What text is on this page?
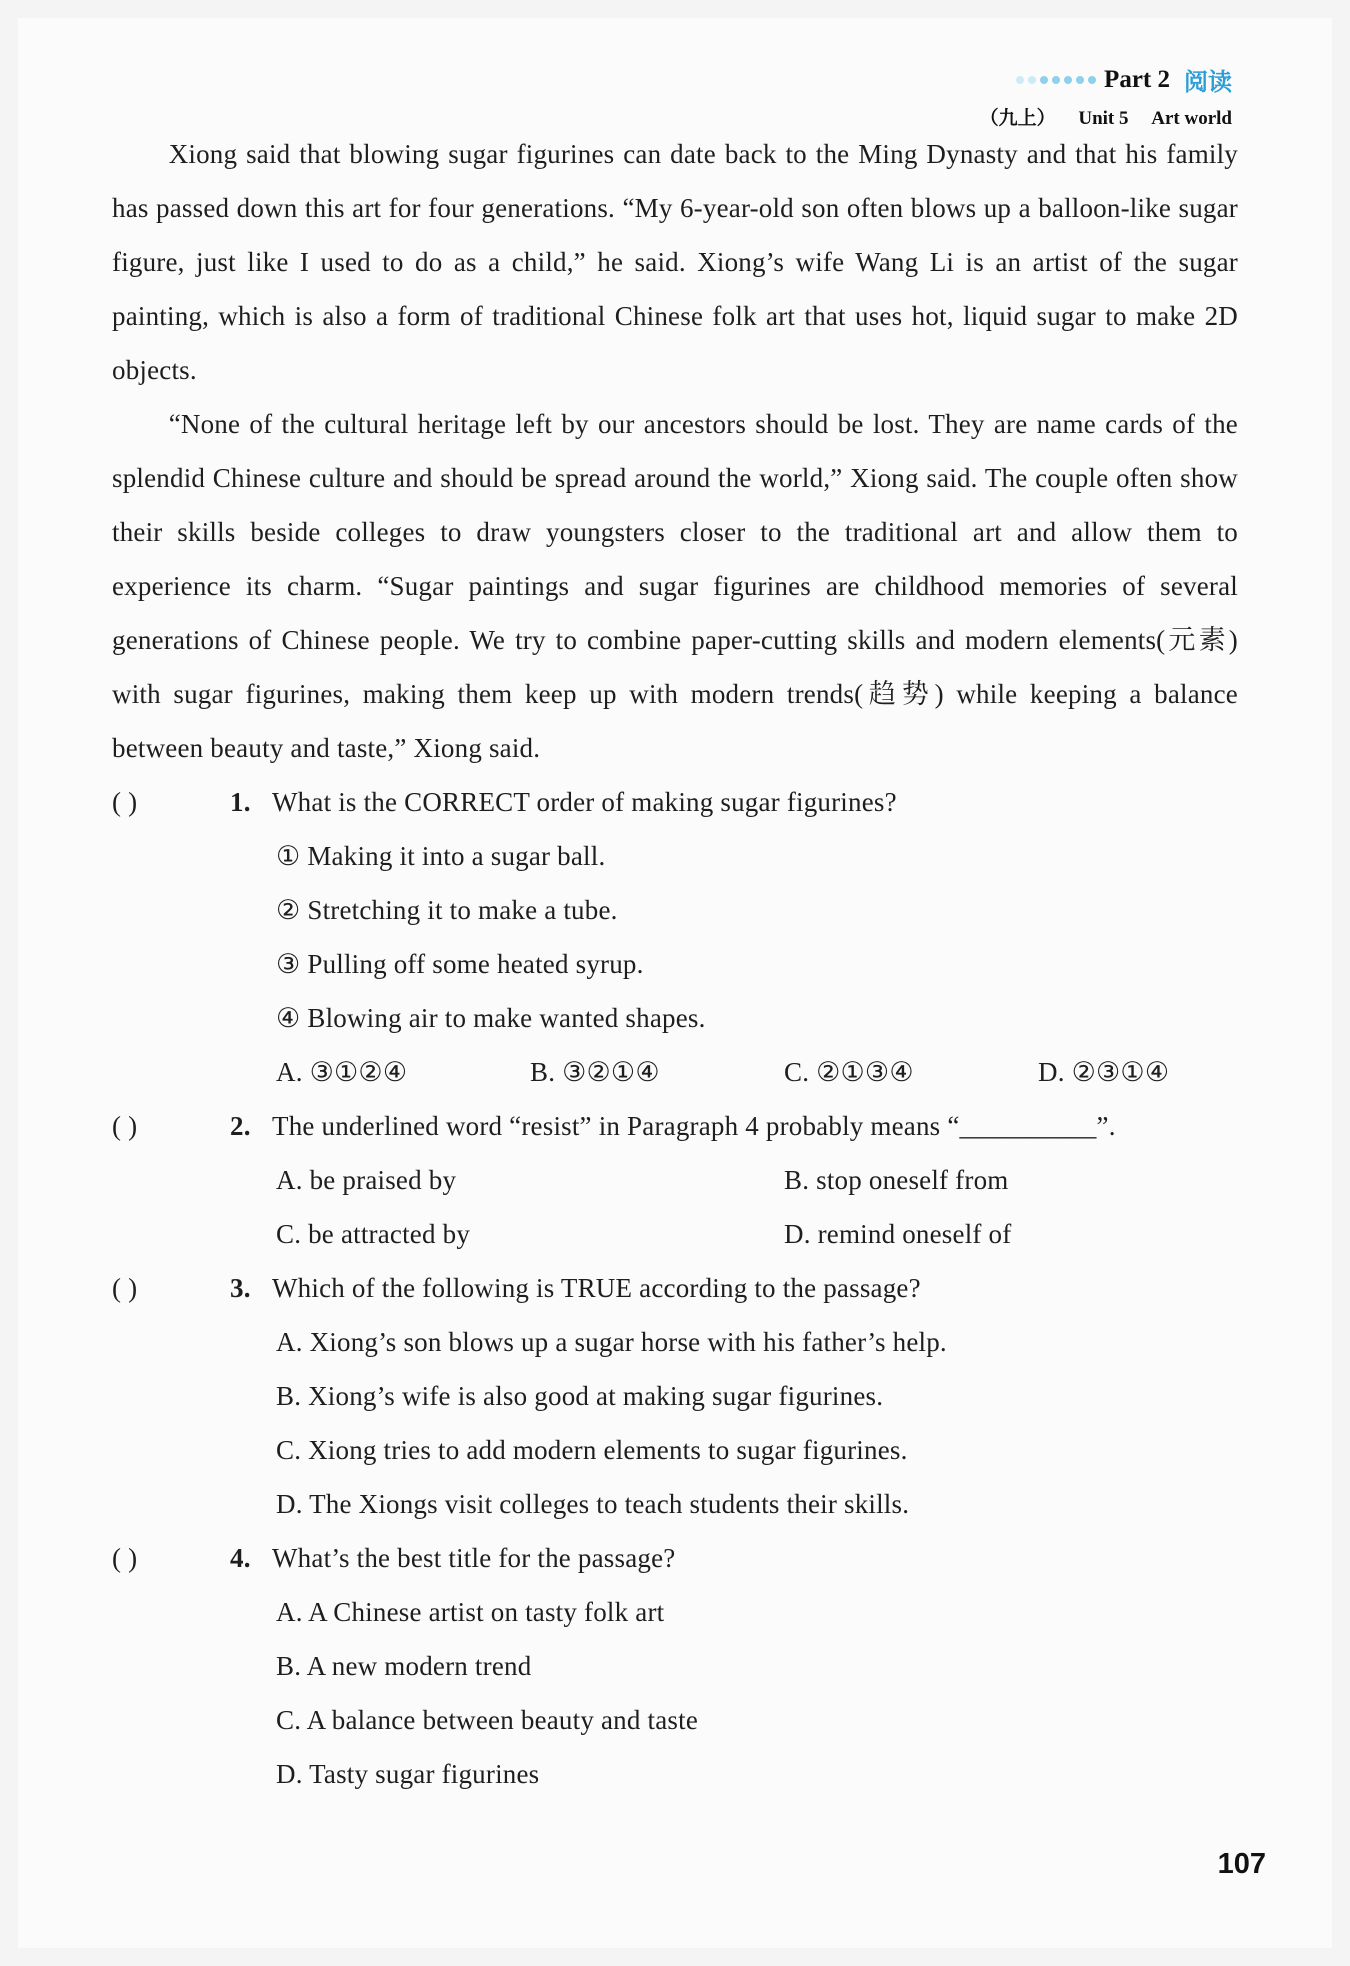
Part 2 阅读
（九上） Unit 5 Art world

Xiong said that blowing sugar figurines can date back to the Ming Dynasty and that his family has passed down this art for four generations. “My 6-year-old son often blows up a balloon-like sugar figure, just like I used to do as a child,” he said. Xiong’s wife Wang Li is an artist of the sugar painting, which is also a form of traditional Chinese folk art that uses hot, liquid sugar to make 2D objects.

“None of the cultural heritage left by our ancestors should be lost. They are name cards of the splendid Chinese culture and should be spread around the world,” Xiong said. The couple often show their skills beside colleges to draw youngsters closer to the traditional art and allow them to experience its charm. “Sugar paintings and sugar figurines are childhood memories of several generations of Chinese people. We try to combine paper-cutting skills and modern elements(元素) with sugar figurines, making them keep up with modern trends(趋势) while keeping a balance between beauty and taste,” Xiong said.

( )	1. What is the CORRECT order of making sugar figurines?
① Making it into a sugar ball.
② Stretching it to make a tube.
③ Pulling off some heated syrup.
④ Blowing air to make wanted shapes.
A. ③①②④	B. ③②①④	C. ②①③④	D. ②③①④
( )	2. The underlined word “resist” in Paragraph 4 probably means “__________”.
A. be praised by	B. stop oneself from
C. be attracted by	D. remind oneself of
( )	3. Which of the following is TRUE according to the passage?
A. Xiong’s son blows up a sugar horse with his father’s help.
B. Xiong’s wife is also good at making sugar figurines.
C. Xiong tries to add modern elements to sugar figurines.
D. The Xiongs visit colleges to teach students their skills.
( )	4. What’s the best title for the passage?
A. A Chinese artist on tasty folk art
B. A new modern trend
C. A balance between beauty and taste
D. Tasty sugar figurines
107
